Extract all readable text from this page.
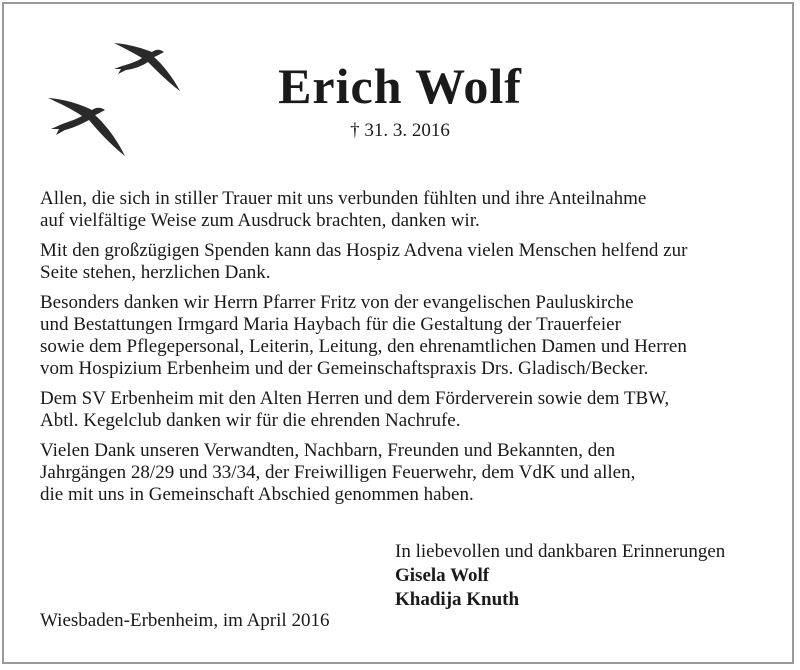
Erich Wolf
† 31. 3. 2016

Allen, die sich in stiller Trauer mit uns verbunden fühlten und ihre Anteilnahme
auf vielfältige Weise zum Ausdruck brachten, danken wir.

Mit den großzügigen Spenden kann das Hospiz Advena vielen Menschen helfend zur
Seite stehen, herzlichen Dank.

Besonders danken wir Herrn Pfarrer Fritz von der evangelischen Pauluskirche
und Bestattungen Irmgard Maria Haybach für die Gestaltung der Trauerfeier
sowie dem Pflegepersonal, Leiterin, Leitung, den ehrenamtlichen Damen und Herren
vom Hospizium Erbenheim und der Gemeinschaftspraxis Drs. Gladisch/Becker.

Dem SV Erbenheim mit den Alten Herren und dem Förderverein sowie dem TBW,
Abtl. Kegelclub danken wir für die ehrenden Nachrufe.

Vielen Dank unseren Verwandten, Nachbarn, Freunden und Bekannten, den
Jahrgängen 28/29 und 33/34, der Freiwilligen Feuerwehr, dem VdK und allen,
die mit uns in Gemeinschaft Abschied genommen haben.

In liebevollen und dankbaren Erinnerungen
Gisela Wolf
Khadija Knuth
Wiesbaden-Erbenheim, im April 2016
